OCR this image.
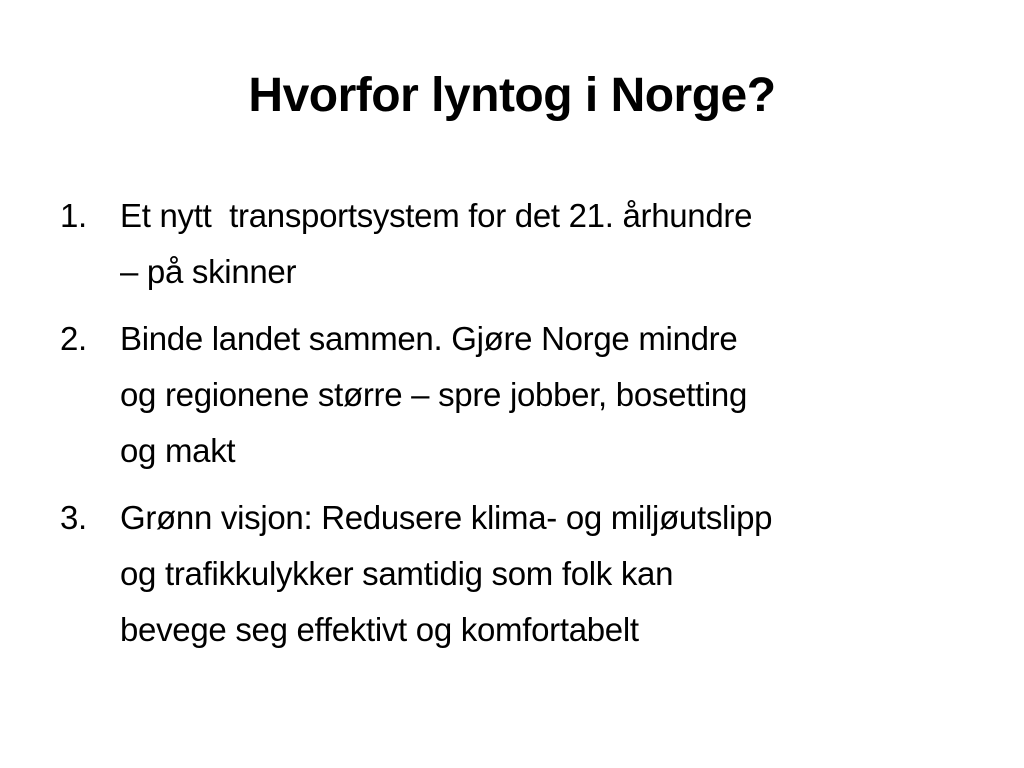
Hvorfor lyntog i Norge?
1.	Et nytt  transportsystem for det 21. århundre
– på skinner
2.	Binde landet sammen. Gjøre Norge mindre
og regionene større – spre jobber, bosetting
og makt
3.	Grønn visjon: Redusere klima- og miljøutslipp
og trafikkulykker samtidig som folk kan
bevege seg effektivt og komfortabelt
